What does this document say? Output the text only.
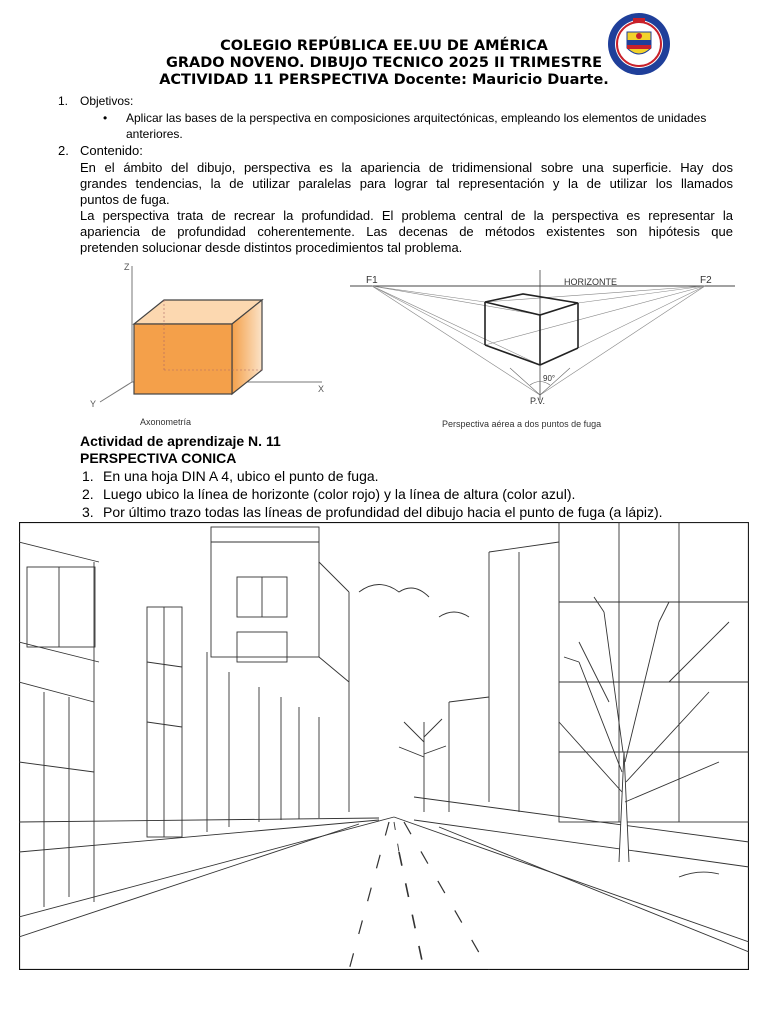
COLEGIO REPÚBLICA EE.UU DE AMÉRICA
GRADO NOVENO. DIBUJO TECNICO 2025 II TRIMESTRE
ACTIVIDAD 11 PERSPECTIVA Docente: Mauricio Duarte.
1. Objetivos:
• Aplicar las bases de la perspectiva en composiciones arquitectónicas, empleando los elementos de unidades
anteriores.
2. Contenido:
En el ámbito del dibujo, perspectiva es la apariencia de tridimensional sobre una superficie. Hay dos
grandes tendencias, la de utilizar paralelas para lograr tal representación y la de utilizar los llamados
puntos de fuga.
La perspectiva trata de recrear la profundidad. El problema central de la perspectiva es representar la
apariencia de profundidad coherentemente. Las decenas de métodos existentes son hipótesis que
pretenden solucionar desde distintos procedimientos tal problema.
Z
X
Y
Axonometría
F1	F2
HORIZONTE
90°
P.V.
Perspectiva aérea a dos puntos de fuga
Actividad de aprendizaje N. 11
PERSPECTIVA CONICA
1. En una hoja DIN A 4, ubico el punto de fuga.
2. Luego ubico la línea de horizonte (color rojo) y la línea de altura (color azul).
3. Por último trazo todas las líneas de profundidad del dibujo hacia el punto de fuga (a lápiz).
